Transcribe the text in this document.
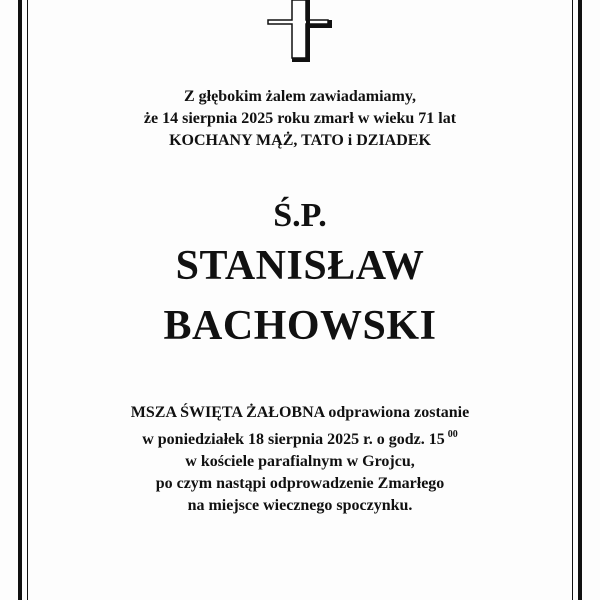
Z głębokim żalem zawiadamiamy,
że 14 sierpnia 2025 roku zmarł w wieku 71 lat
KOCHANY MĄŻ, TATO i DZIADEK
Ś.P.
STANISŁAW
BACHOWSKI
MSZA ŚWIĘTA ŻAŁOBNA odprawiona zostanie
w poniedziałek 18 sierpnia 2025 r. o godz. 15 $^{00}$
w kościele parafialnym w Grojcu,
po czym nastąpi odprowadzenie Zmarłego
na miejsce wiecznego spoczynku.
